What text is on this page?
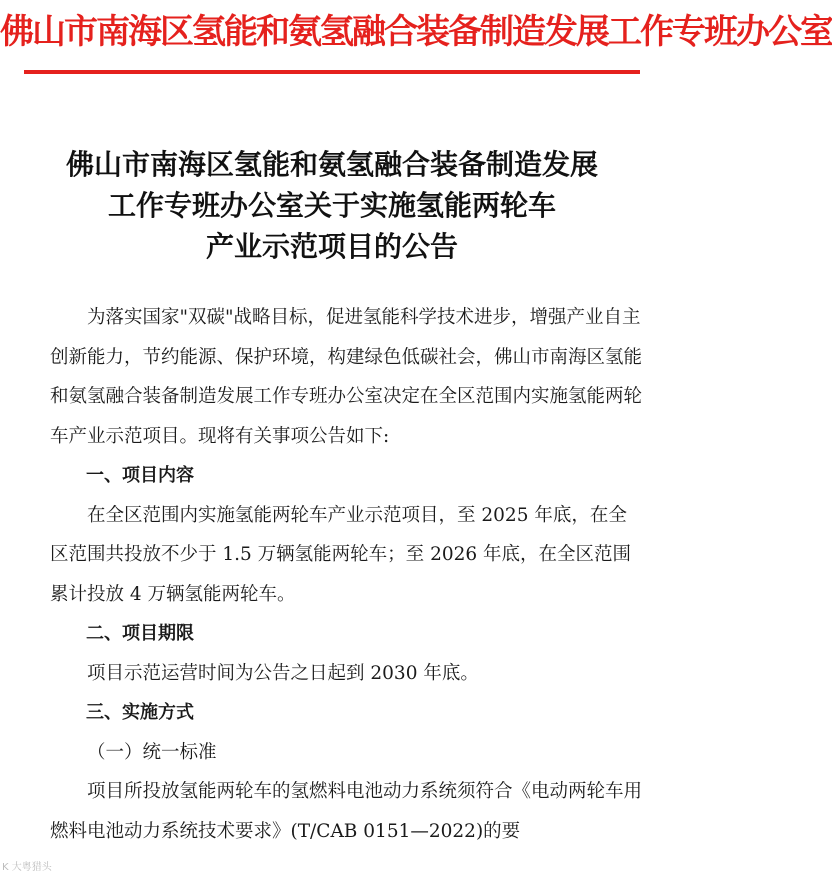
佛山市南海区氢能和氨氢融合装备制造发展工作专班办公室
佛山市南海区氢能和氨氢融合装备制造发展
工作专班办公室关于实施氢能两轮车
产业示范项目的公告

为落实国家"双碳"战略目标，促进氢能科学技术进步，增强产业自主创新能力，节约能源、保护环境，构建绿色低碳社会，佛山市南海区氢能和氨氢融合装备制造发展工作专班办公室决定在全区范围内实施氢能两轮车产业示范项目。现将有关事项公告如下:

一、项目内容

在全区范围内实施氢能两轮车产业示范项目，至 2025 年底，在全区范围共投放不少于 1.5 万辆氢能两轮车；至 2026 年底，在全区范围累计投放 4 万辆氢能两轮车。

二、项目期限

项目示范运营时间为公告之日起到 2030 年底。

三、实施方式

（一）统一标准

项目所投放氢能两轮车的氢燃料电池动力系统须符合《电动两轮车用燃料电池动力系统技术要求》(T/CAB 0151—2022)的要

K 大粤猎头
